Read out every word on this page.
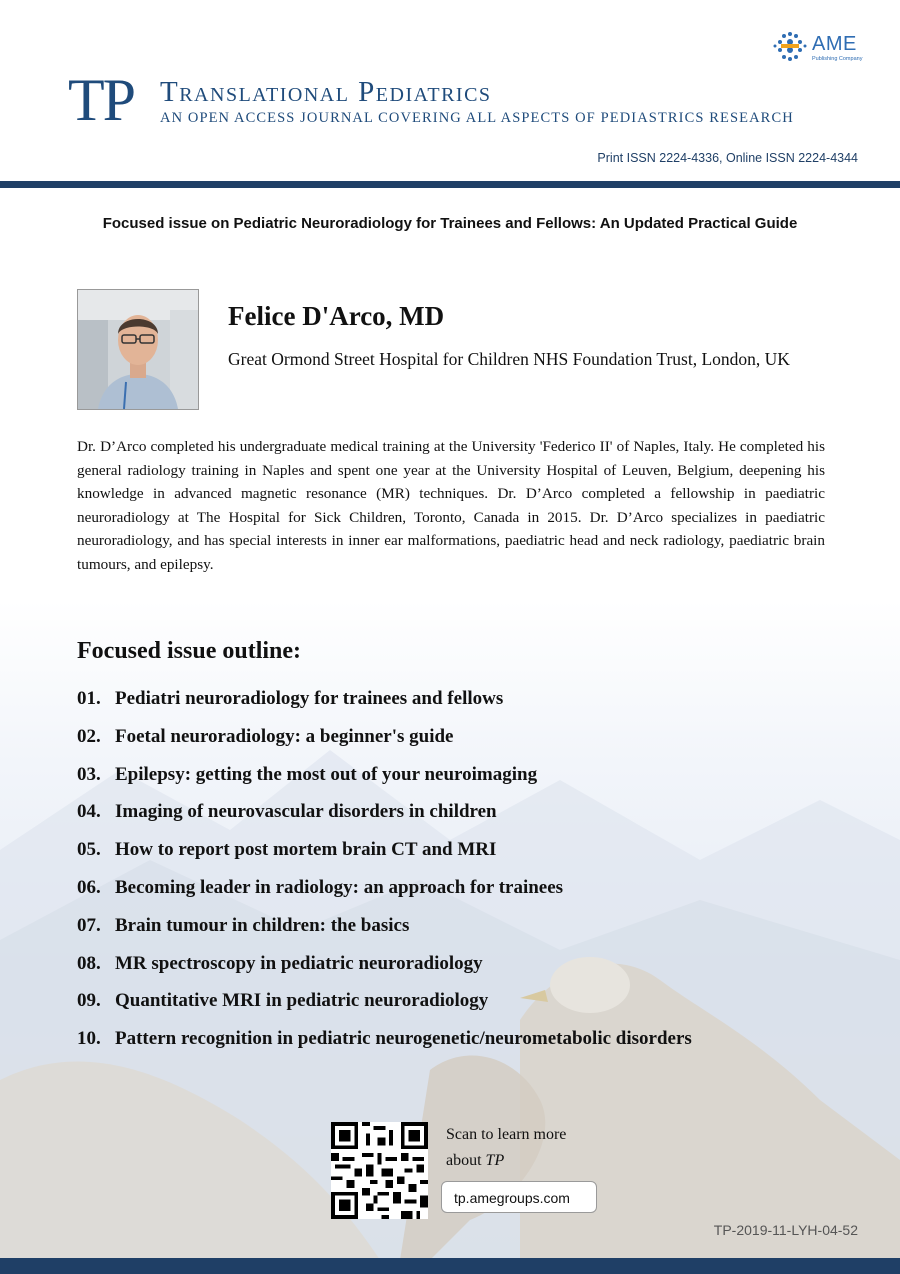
AME
Publishing Company
TP Translational Pediatrics
AN OPEN ACCESS JOURNAL COVERING ALL ASPECTS OF PEDIASTRICS RESEARCH
Print ISSN 2224-4336, Online ISSN 2224-4344
Focused issue on Pediatric Neuroradiology for Trainees and Fellows: An Updated Practical Guide
Felice D'Arco, MD
Great Ormond Street Hospital for Children NHS Foundation Trust, London, UK
Dr. D’Arco completed his undergraduate medical training at the University 'Federico II' of Naples, Italy. He completed his general radiology training in Naples and spent one year at the University Hospital of Leuven, Belgium, deepening his knowledge in advanced magnetic resonance (MR) techniques. Dr. D’Arco completed a fellowship in paediatric neuroradiology at The Hospital for Sick Children, Toronto, Canada in 2015. Dr. D’Arco specializes in paediatric neuroradiology, and has special interests in inner ear malformations, paediatric head and neck radiology, paediatric brain tumours, and epilepsy.
Focused issue outline:
01. Pediatri neuroradiology for trainees and fellows
02. Foetal neuroradiology: a beginner's guide
03. Epilepsy: getting the most out of your neuroimaging
04. Imaging of neurovascular disorders in children
05. How to report post mortem brain CT and MRI
06. Becoming leader in radiology: an approach for trainees
07. Brain tumour in children: the basics
08. MR spectroscopy in pediatric neuroradiology
09. Quantitative MRI in pediatric neuroradiology
10. Pattern recognition in pediatric neurogenetic/neurometabolic disorders
Scan to learn more
about TP
tp.amegroups.com
TP-2019-11-LYH-04-52
